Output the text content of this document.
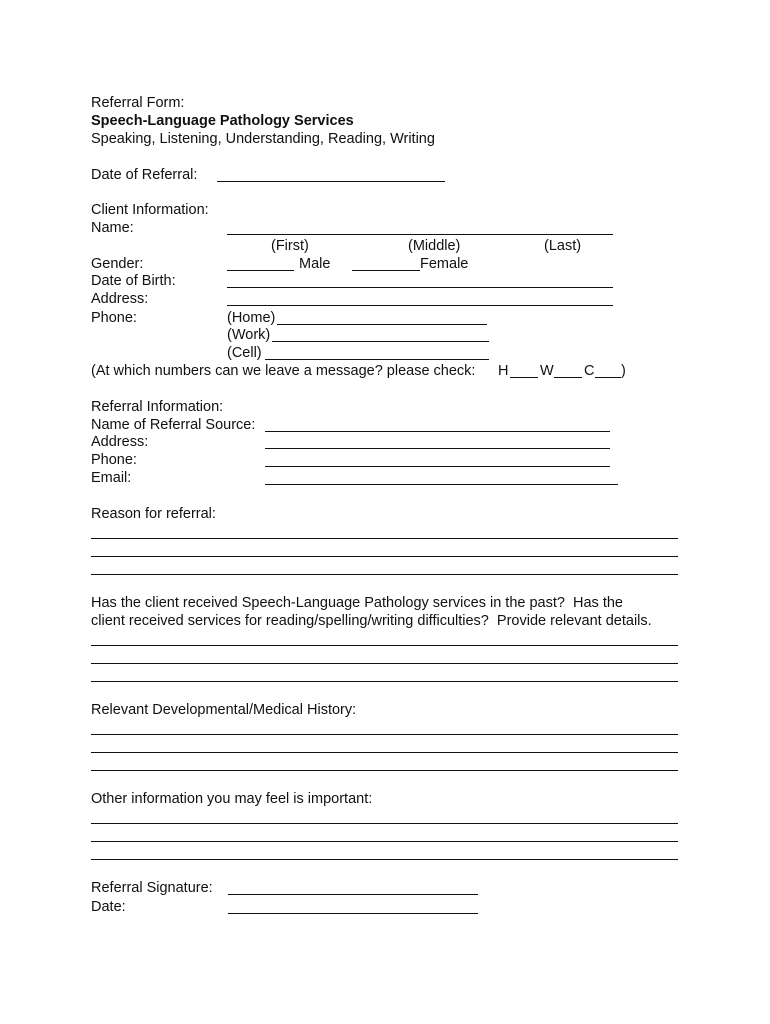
Referral Form:
Speech-Language Pathology Services
Speaking, Listening, Understanding, Reading, Writing
Date of Referral:
Client Information:
Name:
(First)	(Middle)	(Last)
Gender:	Male	Female
Date of Birth:
Address:
Phone:	(Home)
(Work)
(Cell)
(At which numbers can we leave a message? please check: H W C )
Referral Information:
Name of Referral Source:
Address:
Phone:
Email:
Reason for referral:
Has the client received Speech-Language Pathology services in the past?  Has the
client received services for reading/spelling/writing difficulties?  Provide relevant details.
Relevant Developmental/Medical History:
Other information you may feel is important:
Referral Signature:
Date:
